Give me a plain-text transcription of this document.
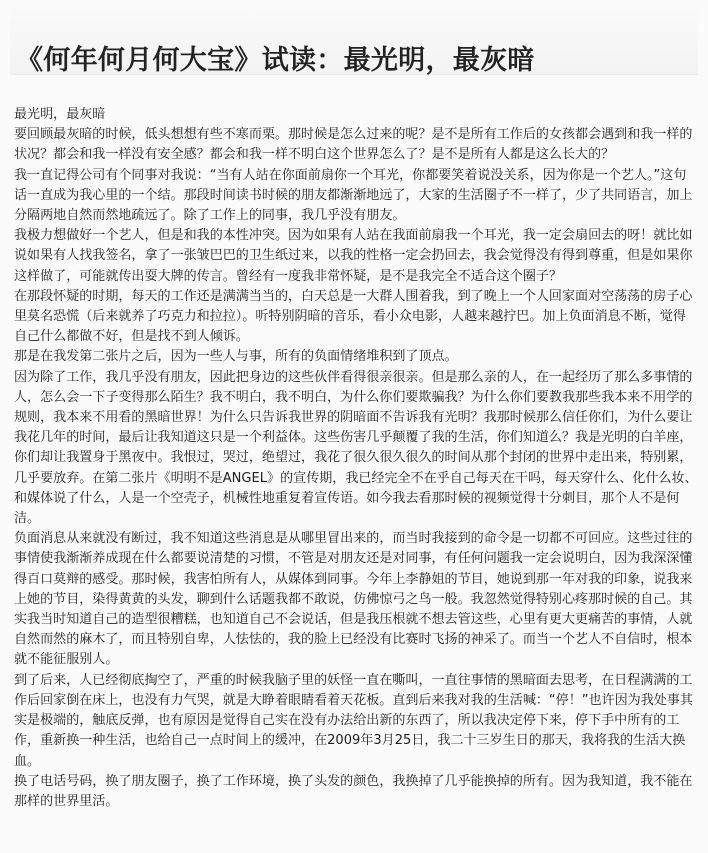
《何年何月何大宝》试读：最光明，最灰暗

最光明，最灰暗

要回顾最灰暗的时候，低头想想有些不寒而栗。那时候是怎么过来的呢？是不是所有工作后的女孩都会遇到和我一样的状况？都会和我一样没有安全感？都会和我一样不明白这个世界怎么了？是不是所有人都是这么长大的？

我一直记得公司有个同事对我说：“当有人站在你面前扇你一个耳光，你都要笑着说没关系，因为你是一个艺人。”这句话一直成为我心里的一个结。那段时间读书时候的朋友都渐渐地远了，大家的生活圈子不一样了，少了共同语言，加上分隔两地自然而然地疏远了。除了工作上的同事，我几乎没有朋友。

我极力想做好一个艺人，但是和我的本性冲突。因为如果有人站在我面前扇我一个耳光，我一定会扇回去的呀！就比如说如果有人找我签名，拿了一张皱巴巴的卫生纸过来，以我的性格一定会扔回去，我会觉得没有得到尊重，但是如果你这样做了，可能就传出耍大牌的传言。曾经有一度我非常怀疑，是不是我完全不适合这个圈子？

在那段怀疑的时期，每天的工作还是满满当当的，白天总是一大群人围着我，到了晚上一个人回家面对空荡荡的房子心里莫名恐慌（后来就养了巧克力和拉拉）。听特别阴暗的音乐，看小众电影，人越来越拧巴。加上负面消息不断，觉得自己什么都做不好，但是找不到人倾诉。

那是在我发第二张片之后，因为一些人与事，所有的负面情绪堆积到了顶点。

因为除了工作，我几乎没有朋友，因此把身边的这些伙伴看得很亲很亲。但是那么亲的人，在一起经历了那么多事情的人，怎么会一下子变得那么陌生？我不明白，我不明白，为什么你们要欺骗我？为什么你们要教我那些我本来不用学的规则，我本来不用看的黑暗世界！为什么只告诉我世界的阴暗面不告诉我有光明？我那时候那么信任你们，为什么要让我花几年的时间，最后让我知道这只是一个利益体。这些伤害几乎颠覆了我的生活，你们知道么？我是光明的白羊座，你们却让我置身于黑夜中。我恨过，哭过，绝望过，我花了很久很久很久的时间从那个封闭的世界中走出来，特别累，几乎要放弃。在第二张片《明明不是ANGEL》的宣传期，我已经完全不在乎自己每天在干吗，每天穿什么、化什么妆、和媒体说了什么，人是一个空壳子，机械性地重复着宣传语。如今我去看那时候的视频觉得十分刺目，那个人不是何洁。

负面消息从来就没有断过，我不知道这些消息是从哪里冒出来的，而当时我接到的命令是一切都不可回应。这些过往的事情使我渐渐养成现在什么都要说清楚的习惯，不管是对朋友还是对同事，有任何问题我一定会说明白，因为我深深懂得百口莫辩的感受。那时候，我害怕所有人，从媒体到同事。今年上李静姐的节目，她说到那一年对我的印象，说我来上她的节目，染得黄黄的头发，聊到什么话题我都不敢说，仿佛惊弓之鸟一般。我忽然觉得特别心疼那时候的自己。其实我当时知道自己的造型很糟糕，也知道自己不会说话，但是我压根就不想去管这些，心里有更大更痛苦的事情，人就自然而然的麻木了，而且特别自卑，人怯怯的，我的脸上已经没有比赛时飞扬的神采了。而当一个艺人不自信时，根本就不能征服别人。

到了后来，人已经彻底掏空了，严重的时候我脑子里的妖怪一直在嘶叫，一直往事情的黑暗面去思考，在日程满满的工作后回家倒在床上，也没有力气哭，就是大睁着眼睛看着天花板。直到后来我对我的生活喊：“停！”也许因为我处事其实是极端的，触底反弹，也有原因是觉得自己实在没有办法给出新的东西了，所以我决定停下来，停下手中所有的工作，重新换一种生活，也给自己一点时间上的缓冲，在2009年3月25日，我二十三岁生日的那天，我将我的生活大换血。

换了电话号码，换了朋友圈子，换了工作环境，换了头发的颜色，我换掉了几乎能换掉的所有。因为我知道，我不能在那样的世界里活。
